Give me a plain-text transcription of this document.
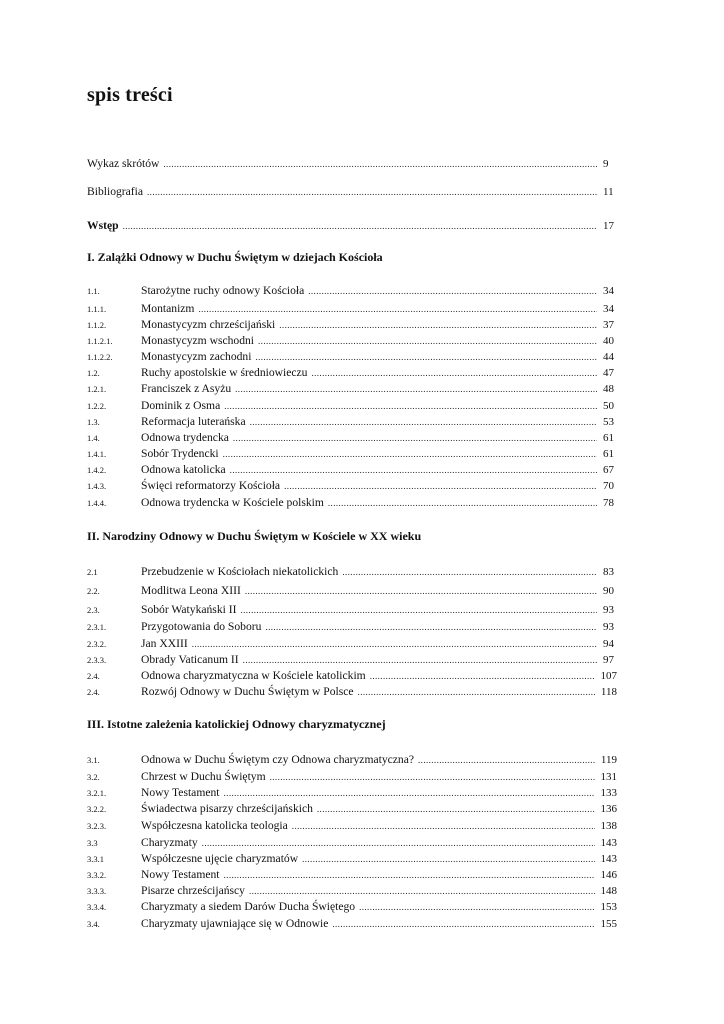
spis treści
Wykaz skrótów .....	9
Bibliografia .....	11
Wstęp .....	17
I. Zalążki Odnowy w Duchu Świętym w dziejach Kościoła
1.1.	Starożytne ruchy odnowy Kościoła .....	34
1.1.1.	Montanizm .....	34
1.1.2.	Monastycyzm chrześcijański .....	37
1.1.2.1.	Monastycyzm wschodni .....	40
1.1.2.2.	Monastycyzm zachodni .....	44
1.2.	Ruchy apostolskie w średniowieczu .....	47
1.2.1.	Franciszek z Asyżu .....	48
1.2.2.	Dominik z Osma .....	50
1.3.	Reformacja luterańska .....	53
1.4.	Odnowa trydencka .....	61
1.4.1.	Sobór Trydencki .....	61
1.4.2.	Odnowa katolicka .....	67
1.4.3.	Święci reformatorzy Kościoła .....	70
1.4.4.	Odnowa trydencka w Kościele polskim .....	78
II. Narodziny Odnowy w Duchu Świętym w Kościele w XX wieku
2.1	Przebudzenie w Kościołach niekatolickich .....	83
2.2.	Modlitwa Leona XIII .....	90
2.3.	Sobór Watykański II .....	93
2.3.1.	Przygotowania do Soboru .....	93
2.3.2.	Jan XXIII .....	94
2.3.3.	Obrady Vaticanum II .....	97
2.4.	Odnowa charyzmatyczna w Kościele katolickim .....	107
2.4.	Rozwój Odnowy w Duchu Świętym w Polsce .....	118
III. Istotne zależenia katolickiej Odnowy charyzmatycznej
3.1.	Odnowa w Duchu Świętym czy Odnowa charyzmatyczna? .....	119
3.2.	Chrzest w Duchu Świętym .....	131
3.2.1.	Nowy Testament .....	133
3.2.2.	Świadectwa pisarzy chrześcijańskich .....	136
3.2.3.	Współczesna katolicka teologia .....	138
3.3	Charyzmaty .....	143
3.3.1	Współczesne ujęcie charyzmatów .....	143
3.3.2.	Nowy Testament .....	146
3.3.3.	Pisarze chrześcijańscy .....	148
3.3.4.	Charyzmaty a siedem Darów Ducha Świętego .....	153
3.4.	Charyzmaty ujawniające się w Odnowie .....	155
